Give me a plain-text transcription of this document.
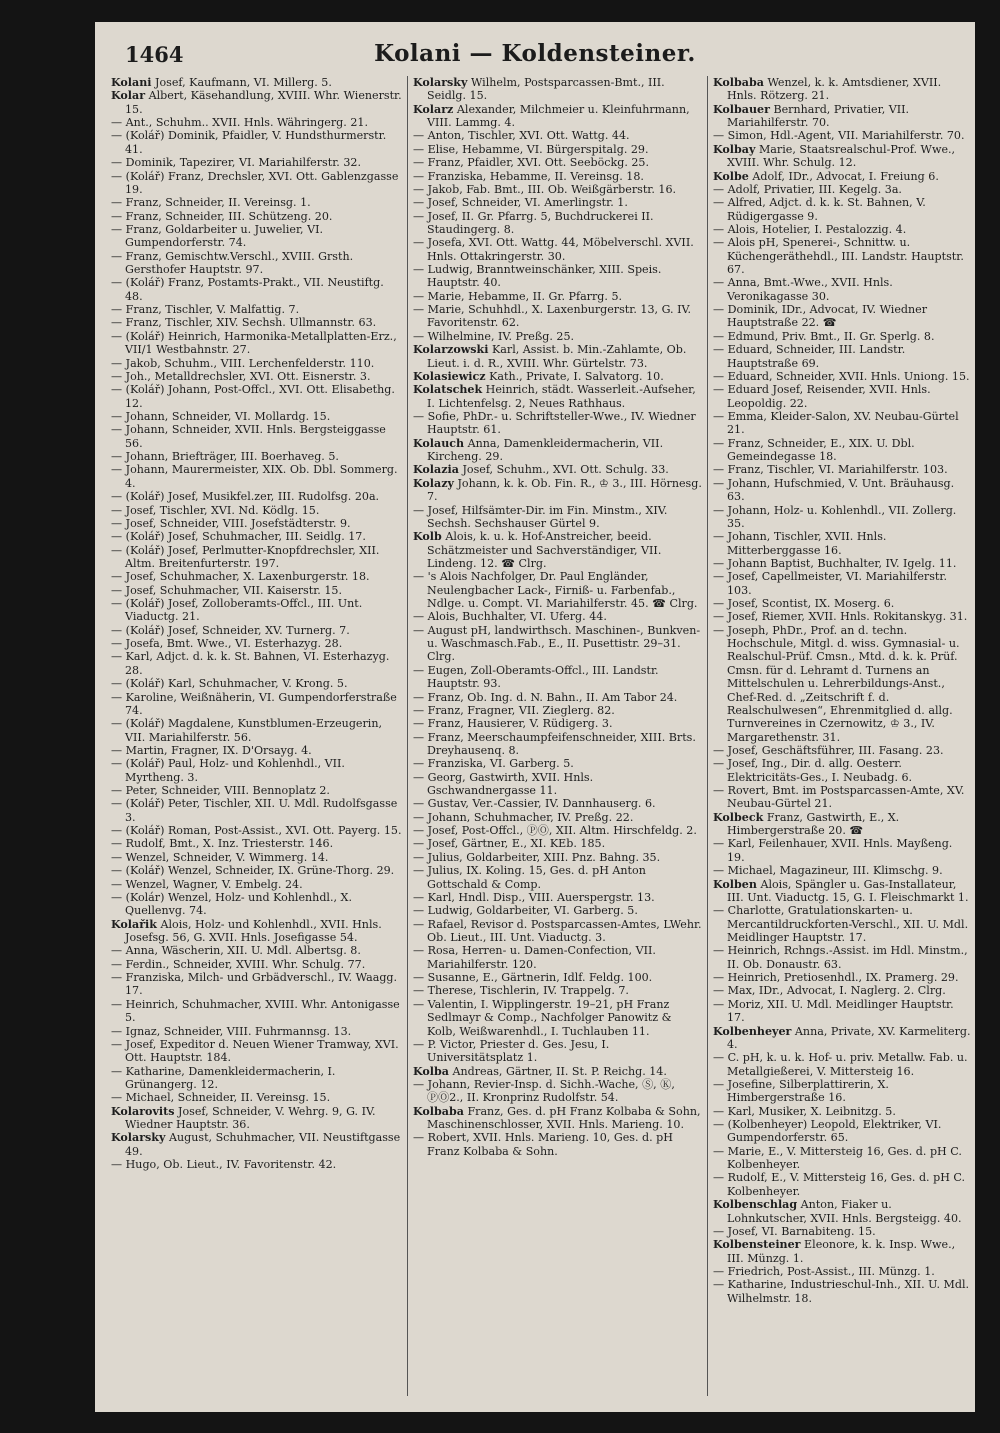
1464	Kolani — Koldensteiner.

Kolani Josef, Kaufmann, VI. Millerg. 5.

Kolar Albert, Käsehandlung, XVIII. Whr. Wienerstr. 15.

— Ant., Schuhm.. XVII. Hnls. Währingerg. 21.

— (Kolář) Dominik, Pfaidler, V. Hundsthurmerstr. 41.

— Dominik, Tapezirer, VI. Mariahilferstr. 32.

— (Kolář) Franz, Drechsler, XVI. Ott. Gablenzgasse 19.

— Franz, Schneider, II. Vereinsg. 1.

— Franz, Schneider, III. Schützeng. 20.

— Franz, Goldarbeiter u. Juwelier, VI. Gumpendorferstr. 74.

— Franz, Gemischtw.Verschl., XVIII. Grsth. Gersthofer Hauptstr. 97.

— (Kolář) Franz, Postamts-Prakt., VII. Neustiftg. 48.

— Franz, Tischler, V. Malfattig. 7.

— Franz, Tischler, XIV. Sechsh. Ullmannstr. 63.

— (Kolář) Heinrich, Harmonika-Metallplatten-Erz., VII/1 Westbahnstr. 27.

— Jakob, Schuhm., VIII. Lerchenfelderstr. 110.

— Joh., Metalldrechsler, XVI. Ott. Eisnerstr. 3.

— (Kolář) Johann, Post-Offcl., XVI. Ott. Elisabethg. 12.

— Johann, Schneider, VI. Mollardg. 15.

— Johann, Schneider, XVII. Hnls. Bergsteiggasse 56.

— Johann, Briefträger, III. Boerhaveg. 5.

— Johann, Maurermeister, XIX. Ob. Dbl. Sommerg. 4.

— (Kolář) Josef, Musikfel.zer, III. Rudolfsg. 20a.

— Josef, Tischler, XVI. Nd. Ködlg. 15.

— Josef, Schneider, VIII. Josefstädterstr. 9.

— (Kolář) Josef, Schuhmacher, III. Seidlg. 17.

— (Kolář) Josef, Perlmutter-Knopfdrechsler, XII. Altm. Breitenfurterstr. 197.

— Josef, Schuhmacher, X. Laxenburgerstr. 18.

— Josef, Schuhmacher, VII. Kaiserstr. 15.

— (Kolář) Josef, Zolloberamts-Offcl., III. Unt. Viaductg. 21.

— (Kolář) Josef, Schneider, XV. Turnerg. 7.

— Josefa, Bmt. Wwe., VI. Esterhazyg. 28.

— Karl, Adjct. d. k. k. St. Bahnen, VI. Esterhazyg. 28.

— (Kolář) Karl, Schuhmacher, V. Krong. 5.

— Karoline, Weißnäherin, VI. Gumpendorferstraße 74.

— (Kolář) Magdalene, Kunstblumen-Erzeugerin, VII. Mariahilferstr. 56.

— Martin, Fragner, IX. D'Orsayg. 4.

— (Kolář) Paul, Holz- und Kohlenhdl., VII. Myrtheng. 3.

— Peter, Schneider, VIII. Bennoplatz 2.

— (Kolář) Peter, Tischler, XII. U. Mdl. Rudolfsgasse 3.

— (Kolář) Roman, Post-Assist., XVI. Ott. Payerg. 15.

— Rudolf, Bmt., X. Inz. Triesterstr. 146.

— Wenzel, Schneider, V. Wimmerg. 14.

— (Kolář) Wenzel, Schneider, IX. Grüne-Thorg. 29.

— Wenzel, Wagner, V. Embelg. 24.

— (Kolár) Wenzel, Holz- und Kohlenhdl., X. Quellenvg. 74.

Kolařik Alois, Holz- und Kohlenhdl., XVII. Hnls. Josefsg. 56, G. XVII. Hnls. Josefigasse 54.

— Anna, Wäscherin, XII. U. Mdl. Albertsg. 8.

— Ferdin., Schneider, XVIII. Whr. Schulg. 77.

— Franziska, Milch- und Grbädverschl., IV. Waagg. 17.

— Heinrich, Schuhmacher, XVIII. Whr. Antonigasse 5.

— Ignaz, Schneider, VIII. Fuhrmannsg. 13.

— Josef, Expeditor d. Neuen Wiener Tramway, XVI. Ott. Hauptstr. 184.

— Katharine, Damenkleidermacherin, I. Grünangerg. 12.

— Michael, Schneider, II. Vereinsg. 15.

Kolarovits Josef, Schneider, V. Wehrg. 9, G. IV. Wiedner Hauptstr. 36.

Kolarsky August, Schuhmacher, VII. Neustiftgasse 49.

— Hugo, Ob. Lieut., IV. Favoritenstr. 42.

Kolarsky Wilhelm, Postsparcassen-Bmt., III. Seidlg. 15.

Kolarz Alexander, Milchmeier u. Kleinfuhrmann, VIII. Lammg. 4.

— Anton, Tischler, XVI. Ott. Wattg. 44.

— Elise, Hebamme, VI. Bürgerspitalg. 29.

— Franz, Pfaidler, XVI. Ott. Seeböckg. 25.

— Franziska, Hebamme, II. Vereinsg. 18.

— Jakob, Fab. Bmt., III. Ob. Weißgärberstr. 16.

— Josef, Schneider, VI. Amerlingstr. 1.

— Josef, II. Gr. Pfarrg. 5, Buchdruckerei II. Staudingerg. 8.

— Josefa, XVI. Ott. Wattg. 44, Möbelverschl. XVII. Hnls. Ottakringerstr. 30.

— Ludwig, Branntweinschänker, XIII. Speis. Hauptstr. 40.

— Marie, Hebamme, II. Gr. Pfarrg. 5.

— Marie, Schuhhdl., X. Laxenburgerstr. 13, G. IV. Favoritenstr. 62.

— Wilhelmine, IV. Preßg. 25.

Kolarzowski Karl, Assist. b. Min.-Zahlamte, Ob. Lieut. i. d. R., XVIII. Whr. Gürtelstr. 73.

Kolasiewicz Kath., Private, I. Salvatorg. 10.

Kolatschek Heinrich, städt. Wasserleit.-Aufseher, I. Lichtenfelsg. 2, Neues Rathhaus.

— Sofie, PhDr.- u. Schriftsteller-Wwe., IV. Wiedner Hauptstr. 61.

Kolauch Anna, Damenkleidermacherin, VII. Kircheng. 29.

Kolazia Josef, Schuhm., XVI. Ott. Schulg. 33.

Kolazy Johann, k. k. Ob. Fin. R., ♔ 3., III. Hörnesg. 7.

— Josef, Hilfsämter-Dir. im Fin. Minstm., XIV. Sechsh. Sechshauser Gürtel 9.

Kolb Alois, k. u. k. Hof-Anstreicher, beeid. Schätzmeister und Sachverständiger, VII. Lindeng. 12. ☎ Clrg.

— 's Alois Nachfolger, Dr. Paul Engländer, Neulengbacher Lack-, Firniß- u. Farbenfab., Ndlge. u. Compt. VI. Mariahilferstr. 45. ☎ Clrg.

— Alois, Buchhalter, VI. Uferg. 44.

— August pH, landwirthsch. Maschinen-, Bunkven- u. Waschmasch.Fab., E., II. Pusettistr. 29–31. Clrg.

— Eugen, Zoll-Oberamts-Offcl., III. Landstr. Hauptstr. 93.

— Franz, Ob. Ing. d. N. Bahn., II. Am Tabor 24.

— Franz, Fragner, VII. Zieglerg. 82.

— Franz, Hausierer, V. Rüdigerg. 3.

— Franz, Meerschaumpfeifenschneider, XIII. Brts. Dreyhausenq. 8.

— Franziska, VI. Garberg. 5.

— Georg, Gastwirth, XVII. Hnls. Gschwandnergasse 11.

— Gustav, Ver.-Cassier, IV. Dannhauserg. 6.

— Johann, Schuhmacher, IV. Preßg. 22.

— Josef, Post-Offcl., ⓅⓄ, XII. Altm. Hirschfeldg. 2.

— Josef, Gärtner, E., XI. KEb. 185.

— Julius, Goldarbeiter, XIII. Pnz. Bahng. 35.

— Julius, IX. Koling. 15, Ges. d. pH Anton Gottschald & Comp.

— Karl, Hndl. Disp., VIII. Auerspergstr. 13.

— Ludwig, Goldarbeiter, VI. Garberg. 5.

— Rafael, Revisor d. Postsparcassen-Amtes, LWehr. Ob. Lieut., III. Unt. Viaductg. 3.

— Rosa, Herren- u. Damen-Confection, VII. Mariahilferstr. 120.

— Susanne, E., Gärtnerin, Idlf. Feldg. 100.

— Therese, Tischlerin, IV. Trappelg. 7.

— Valentin, I. Wipplingerstr. 19–21, pH Franz Sedlmayr & Comp., Nachfolger Panowitz & Kolb, Weißwarenhdl., I. Tuchlauben 11.

— P. Victor, Priester d. Ges. Jesu, I. Universitätsplatz 1.

Kolba Andreas, Gärtner, II. St. P. Reichg. 14.

— Johann, Revier-Insp. d. Sichh.-Wache, Ⓢ, Ⓚ, ⓅⓄ2., II. Kronprinz Rudolfstr. 54.

Kolbaba Franz, Ges. d. pH Franz Kolbaba & Sohn, Maschinenschlosser, XVII. Hnls. Marieng. 10.

— Robert, XVII. Hnls. Marieng. 10, Ges. d. pH Franz Kolbaba & Sohn.

Kolbaba Wenzel, k. k. Amtsdiener, XVII. Hnls. Rötzerg. 21.

Kolbauer Bernhard, Privatier, VII. Mariahilferstr. 70.

— Simon, Hdl.-Agent, VII. Mariahilferstr. 70.

Kolbay Marie, Staatsrealschul-Prof. Wwe., XVIII. Whr. Schulg. 12.

Kolbe Adolf, IDr., Advocat, I. Freiung 6.

— Adolf, Privatier, III. Kegelg. 3a.

— Alfred, Adjct. d. k. k. St. Bahnen, V. Rüdigergasse 9.

— Alois, Hotelier, I. Pestalozzig. 4.

— Alois pH, Spenerei-, Schnittw. u. Küchengeräthehdl., III. Landstr. Hauptstr. 67.

— Anna, Bmt.-Wwe., XVII. Hnls. Veronikagasse 30.

— Dominik, IDr., Advocat, IV. Wiedner Hauptstraße 22. ☎

— Edmund, Priv. Bmt., II. Gr. Sperlg. 8.

— Eduard, Schneider, III. Landstr. Hauptstraße 69.

— Eduard, Schneider, XVII. Hnls. Uniong. 15.

— Eduard Josef, Reisender, XVII. Hnls. Leopoldig. 22.

— Emma, Kleider-Salon, XV. Neubau-Gürtel 21.

— Franz, Schneider, E., XIX. U. Dbl. Gemeindegasse 18.

— Franz, Tischler, VI. Mariahilferstr. 103.

— Johann, Hufschmied, V. Unt. Bräuhausg. 63.

— Johann, Holz- u. Kohlenhdl., VII. Zollerg. 35.

— Johann, Tischler, XVII. Hnls. Mitterberggasse 16.

— Johann Baptist, Buchhalter, IV. Igelg. 11.

— Josef, Capellmeister, VI. Mariahilferstr. 103.

— Josef, Scontist, IX. Moserg. 6.

— Josef, Riemer, XVII. Hnls. Rokitanskyg. 31.

— Joseph, PhDr., Prof. an d. techn. Hochschule, Mitgl. d. wiss. Gymnasial- u. Realschul-Prüf. Cmsn., Mtd. d. k. k. Prüf. Cmsn. für d. Lehramt d. Turnens an Mittelschulen u. Lehrerbildungs-Anst., Chef-Red. d. „Zeitschrift f. d. Realschulwesen“, Ehrenmitglied d. allg. Turnvereines in Czernowitz, ♔ 3., IV. Margarethenstr. 31.

— Josef, Geschäftsführer, III. Fasang. 23.

— Josef, Ing., Dir. d. allg. Oesterr. Elektricitäts-Ges., I. Neubadg. 6.

— Rovert, Bmt. im Postsparcassen-Amte, XV. Neubau-Gürtel 21.

Kolbeck Franz, Gastwirth, E., X. Himbergerstraße 20. ☎

— Karl, Feilenhauer, XVII. Hnls. Mayßeng. 19.

— Michael, Magazineur, III. Klimschg. 9.

Kolben Alois, Spängler u. Gas-Installateur, III. Unt. Viaductg. 15, G. I. Fleischmarkt 1.

— Charlotte, Gratulationskarten- u. Mercantildruckforten-Verschl., XII. U. Mdl. Meidlinger Hauptstr. 17.

— Heinrich, Rchngs.-Assist. im Hdl. Minstm., II. Ob. Donaustr. 63.

— Heinrich, Pretiosenhdl., IX. Pramerg. 29.

— Max, IDr., Advocat, I. Naglerg. 2. Clrg.

— Moriz, XII. U. Mdl. Meidlinger Hauptstr. 17.

Kolbenheyer Anna, Private, XV. Karmeliterg. 4.

— C. pH, k. u. k. Hof- u. priv. Metallw. Fab. u. Metallgießerei, V. Mittersteig 16.

— Josefine, Silberplattirerin, X. Himbergerstraße 16.

— Karl, Musiker, X. Leibnitzg. 5.

— (Kolbenheyer) Leopold, Elektriker, VI. Gumpendorferstr. 65.

— Marie, E., V. Mittersteig 16, Ges. d. pH C. Kolbenheyer.

— Rudolf, E., V. Mittersteig 16, Ges. d. pH C. Kolbenheyer.

Kolbenschlag Anton, Fiaker u. Lohnkutscher, XVII. Hnls. Bergsteigg. 40.

— Josef, VI. Barnabiteng. 15.

Kolbensteiner Eleonore, k. k. Insp. Wwe., III. Münzg. 1.

— Friedrich, Post-Assist., III. Münzg. 1.

— Katharine, Industrieschul-Inh., XII. U. Mdl. Wilhelmstr. 18.
